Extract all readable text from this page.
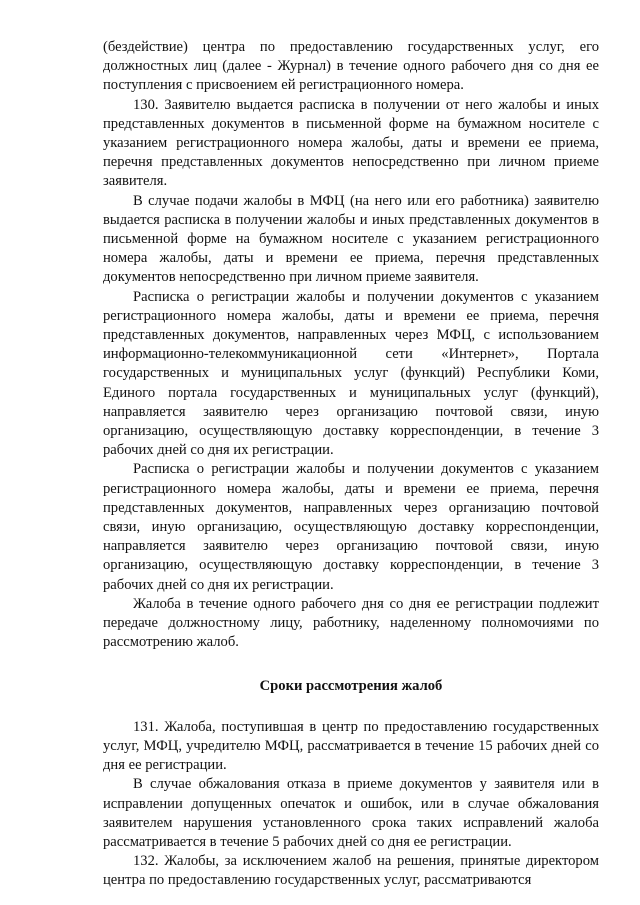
(бездействие) центра по предоставлению государственных услуг, его должностных лиц (далее - Журнал) в течение одного рабочего дня со дня ее поступления с присвоением ей регистрационного номера.

130. Заявителю выдается расписка в получении от него жалобы и иных представленных документов в письменной форме на бумажном носителе с указанием регистрационного номера жалобы, даты и времени ее приема, перечня представленных документов непосредственно при личном приеме заявителя.

В случае подачи жалобы в МФЦ (на него или его работника) заявителю выдается расписка в получении жалобы и иных представленных документов в письменной форме на бумажном носителе с указанием регистрационного номера жалобы, даты и времени ее приема, перечня представленных документов непосредственно при личном приеме заявителя.

Расписка о регистрации жалобы и получении документов с указанием регистрационного номера жалобы, даты и времени ее приема, перечня представленных документов, направленных через МФЦ, с использованием информационно-телекоммуникационной сети «Интернет», Портала государственных и муниципальных услуг (функций) Республики Коми, Единого портала государственных и муниципальных услуг (функций), направляется заявителю через организацию почтовой связи, иную организацию, осуществляющую доставку корреспонденции, в течение 3 рабочих дней со дня их регистрации.

Расписка о регистрации жалобы и получении документов с указанием регистрационного номера жалобы, даты и времени ее приема, перечня представленных документов, направленных через организацию почтовой связи, иную организацию, осуществляющую доставку корреспонденции, направляется заявителю через организацию почтовой связи, иную организацию, осуществляющую доставку корреспонденции, в течение 3 рабочих дней со дня их регистрации.

Жалоба в течение одного рабочего дня со дня ее регистрации подлежит передаче должностному лицу, работнику, наделенному полномочиями по рассмотрению жалоб.

Сроки рассмотрения жалоб

131. Жалоба, поступившая в центр по предоставлению государственных услуг, МФЦ, учредителю МФЦ, рассматривается в течение 15 рабочих дней со дня ее регистрации.

В случае обжалования отказа в приеме документов у заявителя или в исправлении допущенных опечаток и ошибок, или в случае обжалования заявителем нарушения установленного срока таких исправлений жалоба рассматривается в течение 5 рабочих дней со дня ее регистрации.

132. Жалобы, за исключением жалоб на решения, принятые директором центра по предоставлению государственных услуг, рассматриваются
